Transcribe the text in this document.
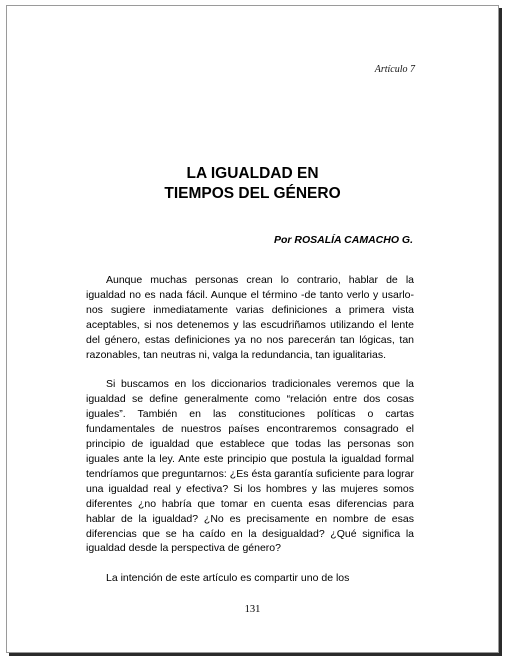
Artículo 7
LA IGUALDAD EN
TIEMPOS DEL GÉNERO
Por ROSALÍA CAMACHO G.

Aunque muchas personas crean lo contrario, hablar de la igualdad no es nada fácil. Aunque el término -de tanto verlo y usarlo- nos sugiere inmediatamente varias definiciones a primera vista aceptables, si nos detenemos y las escudriñamos utilizando el lente del género, estas definiciones ya no nos parecerán tan lógicas, tan razonables, tan neutras ni, valga la redundancia, tan igualitarias.

Si buscamos en los diccionarios tradicionales veremos que la igualdad se define generalmente como “relación entre dos cosas iguales”. También en las constituciones políticas o cartas fundamentales de nuestros países encontraremos consagrado el principio de igualdad que establece que todas las personas son iguales ante la ley. Ante este principio que postula la igualdad formal tendríamos que preguntarnos: ¿Es ésta garantía suficiente para lograr una igualdad real y efectiva? Si los hombres y las mujeres somos diferentes ¿no habría que tomar en cuenta esas diferencias para hablar de la igualdad? ¿No es precisamente en nombre de esas diferencias que se ha caído en la desigualdad? ¿Qué significa la igualdad desde la perspectiva de género?

La intención de este artículo es compartir uno de los

131
